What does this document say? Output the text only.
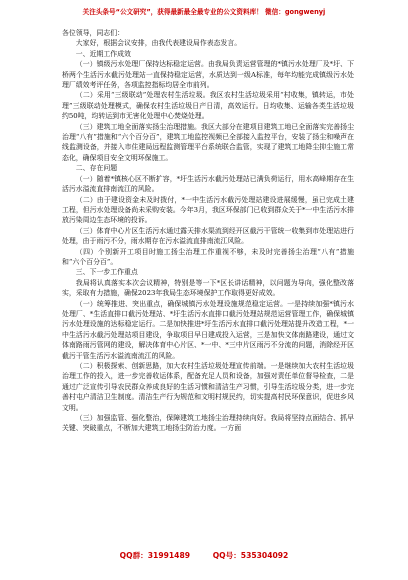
关注头条号“公文研究”，获得最新最全最专业的公文资料库！ 微信：gongwenyj

各位领导，同志们：

大家好，根据会议安排，由我代表建设局作表态发言。

一、近期工作成效

（一）镇级污水处理厂保持达标稳定运营。由我局负责运营管理的*镇污水处理厂及*圩、下桥两个生活污水截污处理站一直保持稳定运营，水质达到一级A标准，每年均能完成镇级污水处理厂绩效考评任务，各项监控指标均居全市前列。

（二）采用“三级联动”处理农村生活垃圾。我区农村生活垃圾采用“村收集，镇转运，市处理”三级联动处理模式，确保农村生活垃圾日产日清，高效运行。日均收集、运输各类生活垃圾约50吨，均转运到市无害化处理中心焚烧处理。

（三）建筑工地全面落实扬尘治理措施。我区大部分在建项目建筑工地已全面落实完善扬尘治理“八有”措施和“六个百分百”，建筑工地监控视频已全部接入监控平台，安装了扬尘和噪声在线监测设备，并接入市住建局远程监测管理平台系统联合监管，实现了建筑工地降尘抑尘施工常态化，确保项目安全文明环保施工。

二、存在问题

（一）随着*镇核心区不断扩容，*圩生活污水截污处理站已满负荷运行，用水高峰期存在生活污水溢流直排南流江的风险。

（二）由于建设资金未及时拨付，*一中生活污水截污处理站建设进展缓慢，虽已完成土建工程，但污水处理设备尚未采购安装。今年3月，我区环保部门已收到群众关于*一中生活污水排放污染周边生态环境的投诉。

（三）体育中心片区生活污水通过露天排水渠流到经开区截污干管统一收集到市处理站进行处理，由于雨污不分，雨水期存在污水溢流直排南流江风险。

（四）个别新开工项目时施工扬尘治理工作重视不够，未及时完善扬尘治理“八有”措施和“六个百分百”。

三、下一步工作重点

我局将认真落实本次会议精神，特别是等一下*区长讲话精神，以问题为导向，强化整改落实，采取有力措施，确保2023年我局生态环境保护工作取得更好成效。

（一）统筹推进、突出重点，确保城镇污水处理设施规范稳定运营。一是持续加强*镇污水处理厂、*生活直排口截污处理站、*圩生活污水直排口截污处理站规范运营管理工作，确保城镇污水处理设施的达标稳定运行。二是加快推进*圩生活污水直排口截污处理站提升改造工程，*一中生活污水截污处理站项目建设，争取项目早日建成投入运营，三是加快文体南路建设，通过文体南路雨污管网的建设，解决体育中心片区、*一中、*三中片区雨污不分流的问题，消除经开区截污干管生活污水溢流南流江的风险。

（二）积极探索、创新思路，加大农村生活垃圾处理宣传前端。一是继续加大农村生活垃圾治理工作的投入，进一步完善收运体系，配备充足人员和设备，加强对责任单位督导检查，二是通过广泛宣传引导农民群众养成良好的生活习惯和清洁生产习惯，引导生活垃圾分类，进一步完善村屯户清洁卫生制度。清洁生产行为规范和文明村规民约，切实提高村民环保意识，促进乡风文明。

（三）加强监管、强化整治，保障建筑工地扬尘治理持续向好。我局将坚持点面结合、抓早关键、突破重点，不断加大建筑工地扬尘防治力度。一方面

QQ群：31991489	QQ号：535304092
